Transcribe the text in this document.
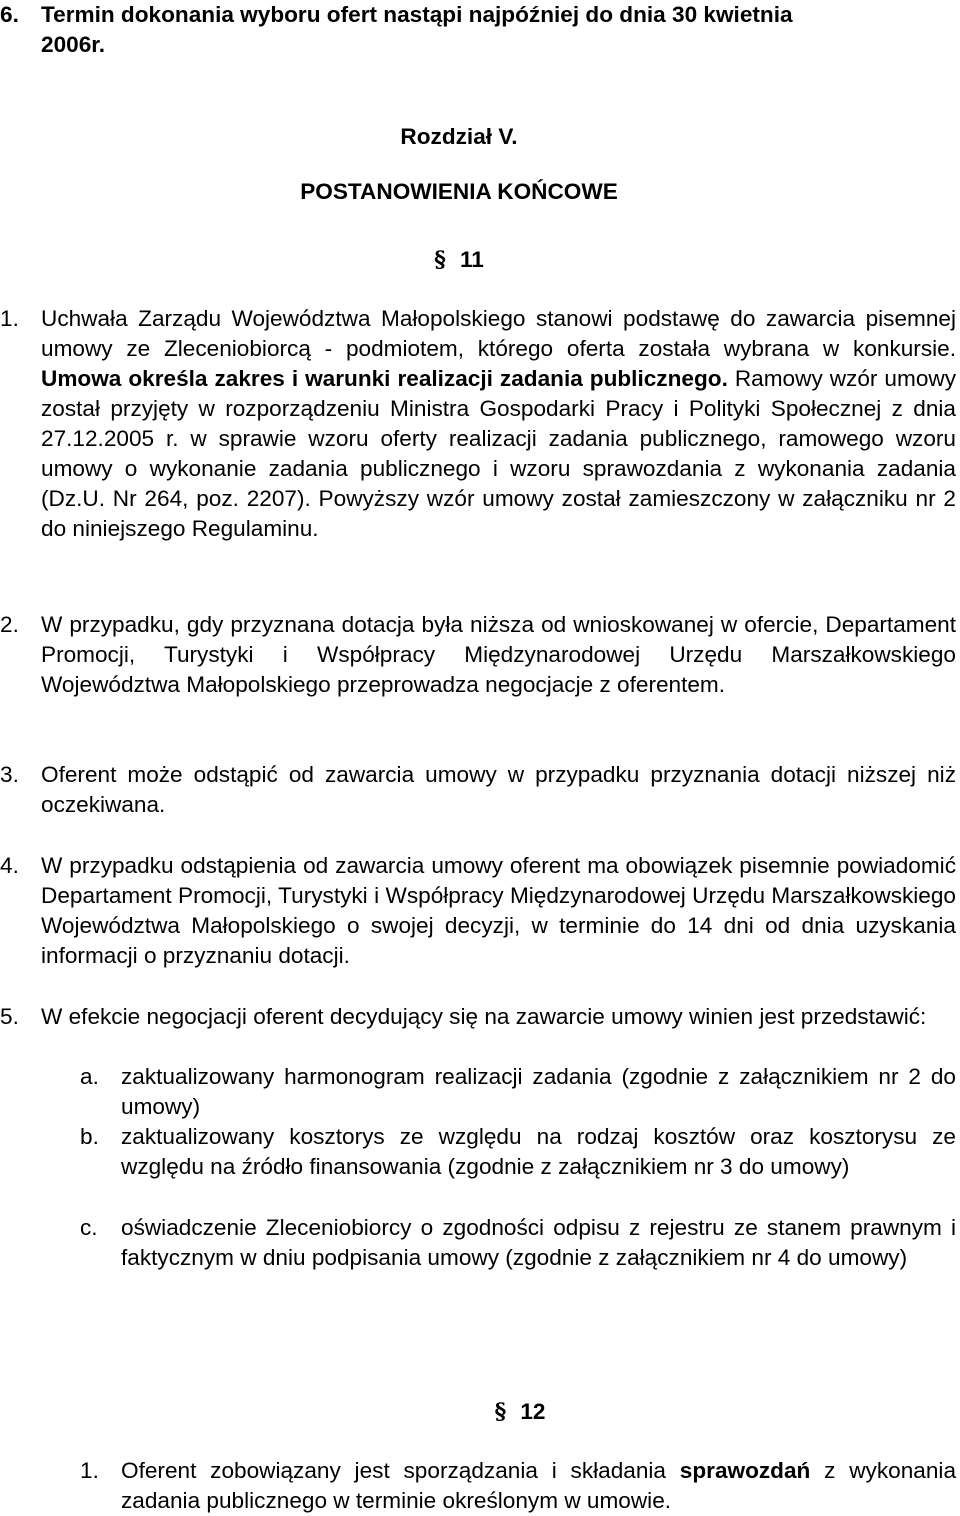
6. Termin dokonania wyboru ofert nastąpi najpóźniej do dnia 30 kwietnia
2006r.
Rozdział V.
POSTANOWIENIA KOŃCOWE
§ 11
1. Uchwała Zarządu Województwa Małopolskiego stanowi podstawę do zawarcia pisemnej umowy ze Zleceniobiorcą - podmiotem, którego oferta została wybrana w konkursie. Umowa określa zakres i warunki realizacji zadania publicznego. Ramowy wzór umowy został przyjęty w rozporządzeniu Ministra Gospodarki Pracy i Polityki Społecznej z dnia 27.12.2005 r. w sprawie wzoru oferty realizacji zadania publicznego, ramowego wzoru umowy o wykonanie zadania publicznego i wzoru sprawozdania z wykonania zadania (Dz.U. Nr 264, poz. 2207). Powyższy wzór umowy został zamieszczony w załączniku nr 2 do niniejszego Regulaminu.
2. W przypadku, gdy przyznana dotacja była niższa od wnioskowanej w ofercie, Departament Promocji, Turystyki i Współpracy Międzynarodowej Urzędu Marszałkowskiego Województwa Małopolskiego przeprowadza negocjacje z oferentem.
3. Oferent może odstąpić od zawarcia umowy w przypadku przyznania dotacji niższej niż oczekiwana.
4. W przypadku odstąpienia od zawarcia umowy oferent ma obowiązek pisemnie powiadomić Departament Promocji, Turystyki i Współpracy Międzynarodowej Urzędu Marszałkowskiego Województwa Małopolskiego o swojej decyzji, w terminie do 14 dni od dnia uzyskania informacji o przyznaniu dotacji.
5. W efekcie negocjacji oferent decydujący się na zawarcie umowy winien jest przedstawić:
a. zaktualizowany harmonogram realizacji zadania (zgodnie z załącznikiem nr 2 do umowy)
b. zaktualizowany kosztorys ze względu na rodzaj kosztów oraz kosztorysu ze względu na źródło finansowania (zgodnie z załącznikiem nr 3 do umowy)
c. oświadczenie Zleceniobiorcy o zgodności odpisu z rejestru ze stanem prawnym i faktycznym w dniu podpisania umowy (zgodnie z załącznikiem nr 4 do umowy)
§ 12
1. Oferent zobowiązany jest sporządzania i składania sprawozdań z wykonania zadania publicznego w terminie określonym w umowie.
